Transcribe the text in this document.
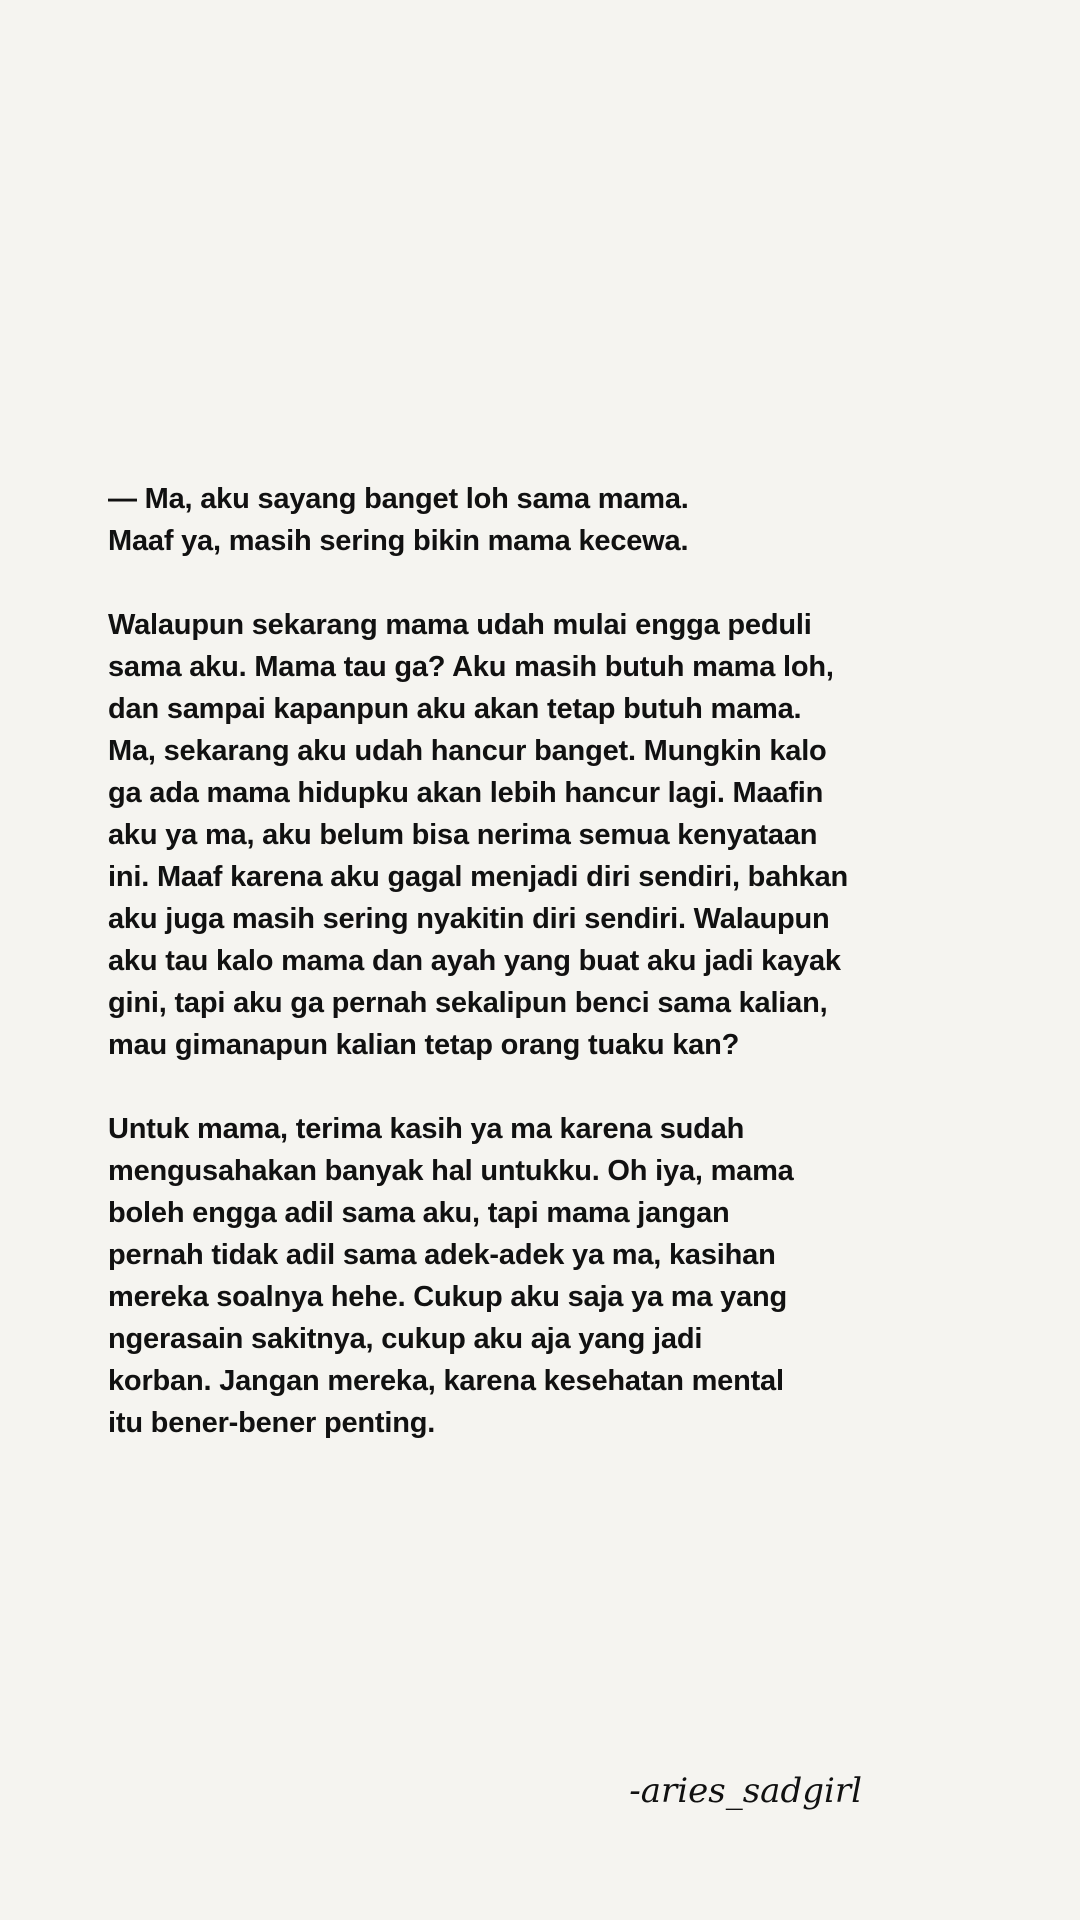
— Ma, aku sayang banget loh sama mama.
Maaf ya, masih sering bikin mama kecewa.
Walaupun sekarang mama udah mulai engga peduli
sama aku. Mama tau ga? Aku masih butuh mama loh,
dan sampai kapanpun aku akan tetap butuh mama.
Ma, sekarang aku udah hancur banget. Mungkin kalo
ga ada mama hidupku akan lebih hancur lagi. Maafin
aku ya ma, aku belum bisa nerima semua kenyataan
ini. Maaf karena aku gagal menjadi diri sendiri, bahkan
aku juga masih sering nyakitin diri sendiri. Walaupun
aku tau kalo mama dan ayah yang buat aku jadi kayak
gini, tapi aku ga pernah sekalipun benci sama kalian,
mau gimanapun kalian tetap orang tuaku kan?
Untuk mama, terima kasih ya ma karena sudah
mengusahakan banyak hal untukku. Oh iya, mama
boleh engga adil sama aku, tapi mama jangan
pernah tidak adil sama adek-adek ya ma, kasihan
mereka soalnya hehe. Cukup aku saja ya ma yang
ngerasain sakitnya, cukup aku aja yang jadi
korban. Jangan mereka, karena kesehatan mental
itu bener-bener penting.
-aries_sadgirl
